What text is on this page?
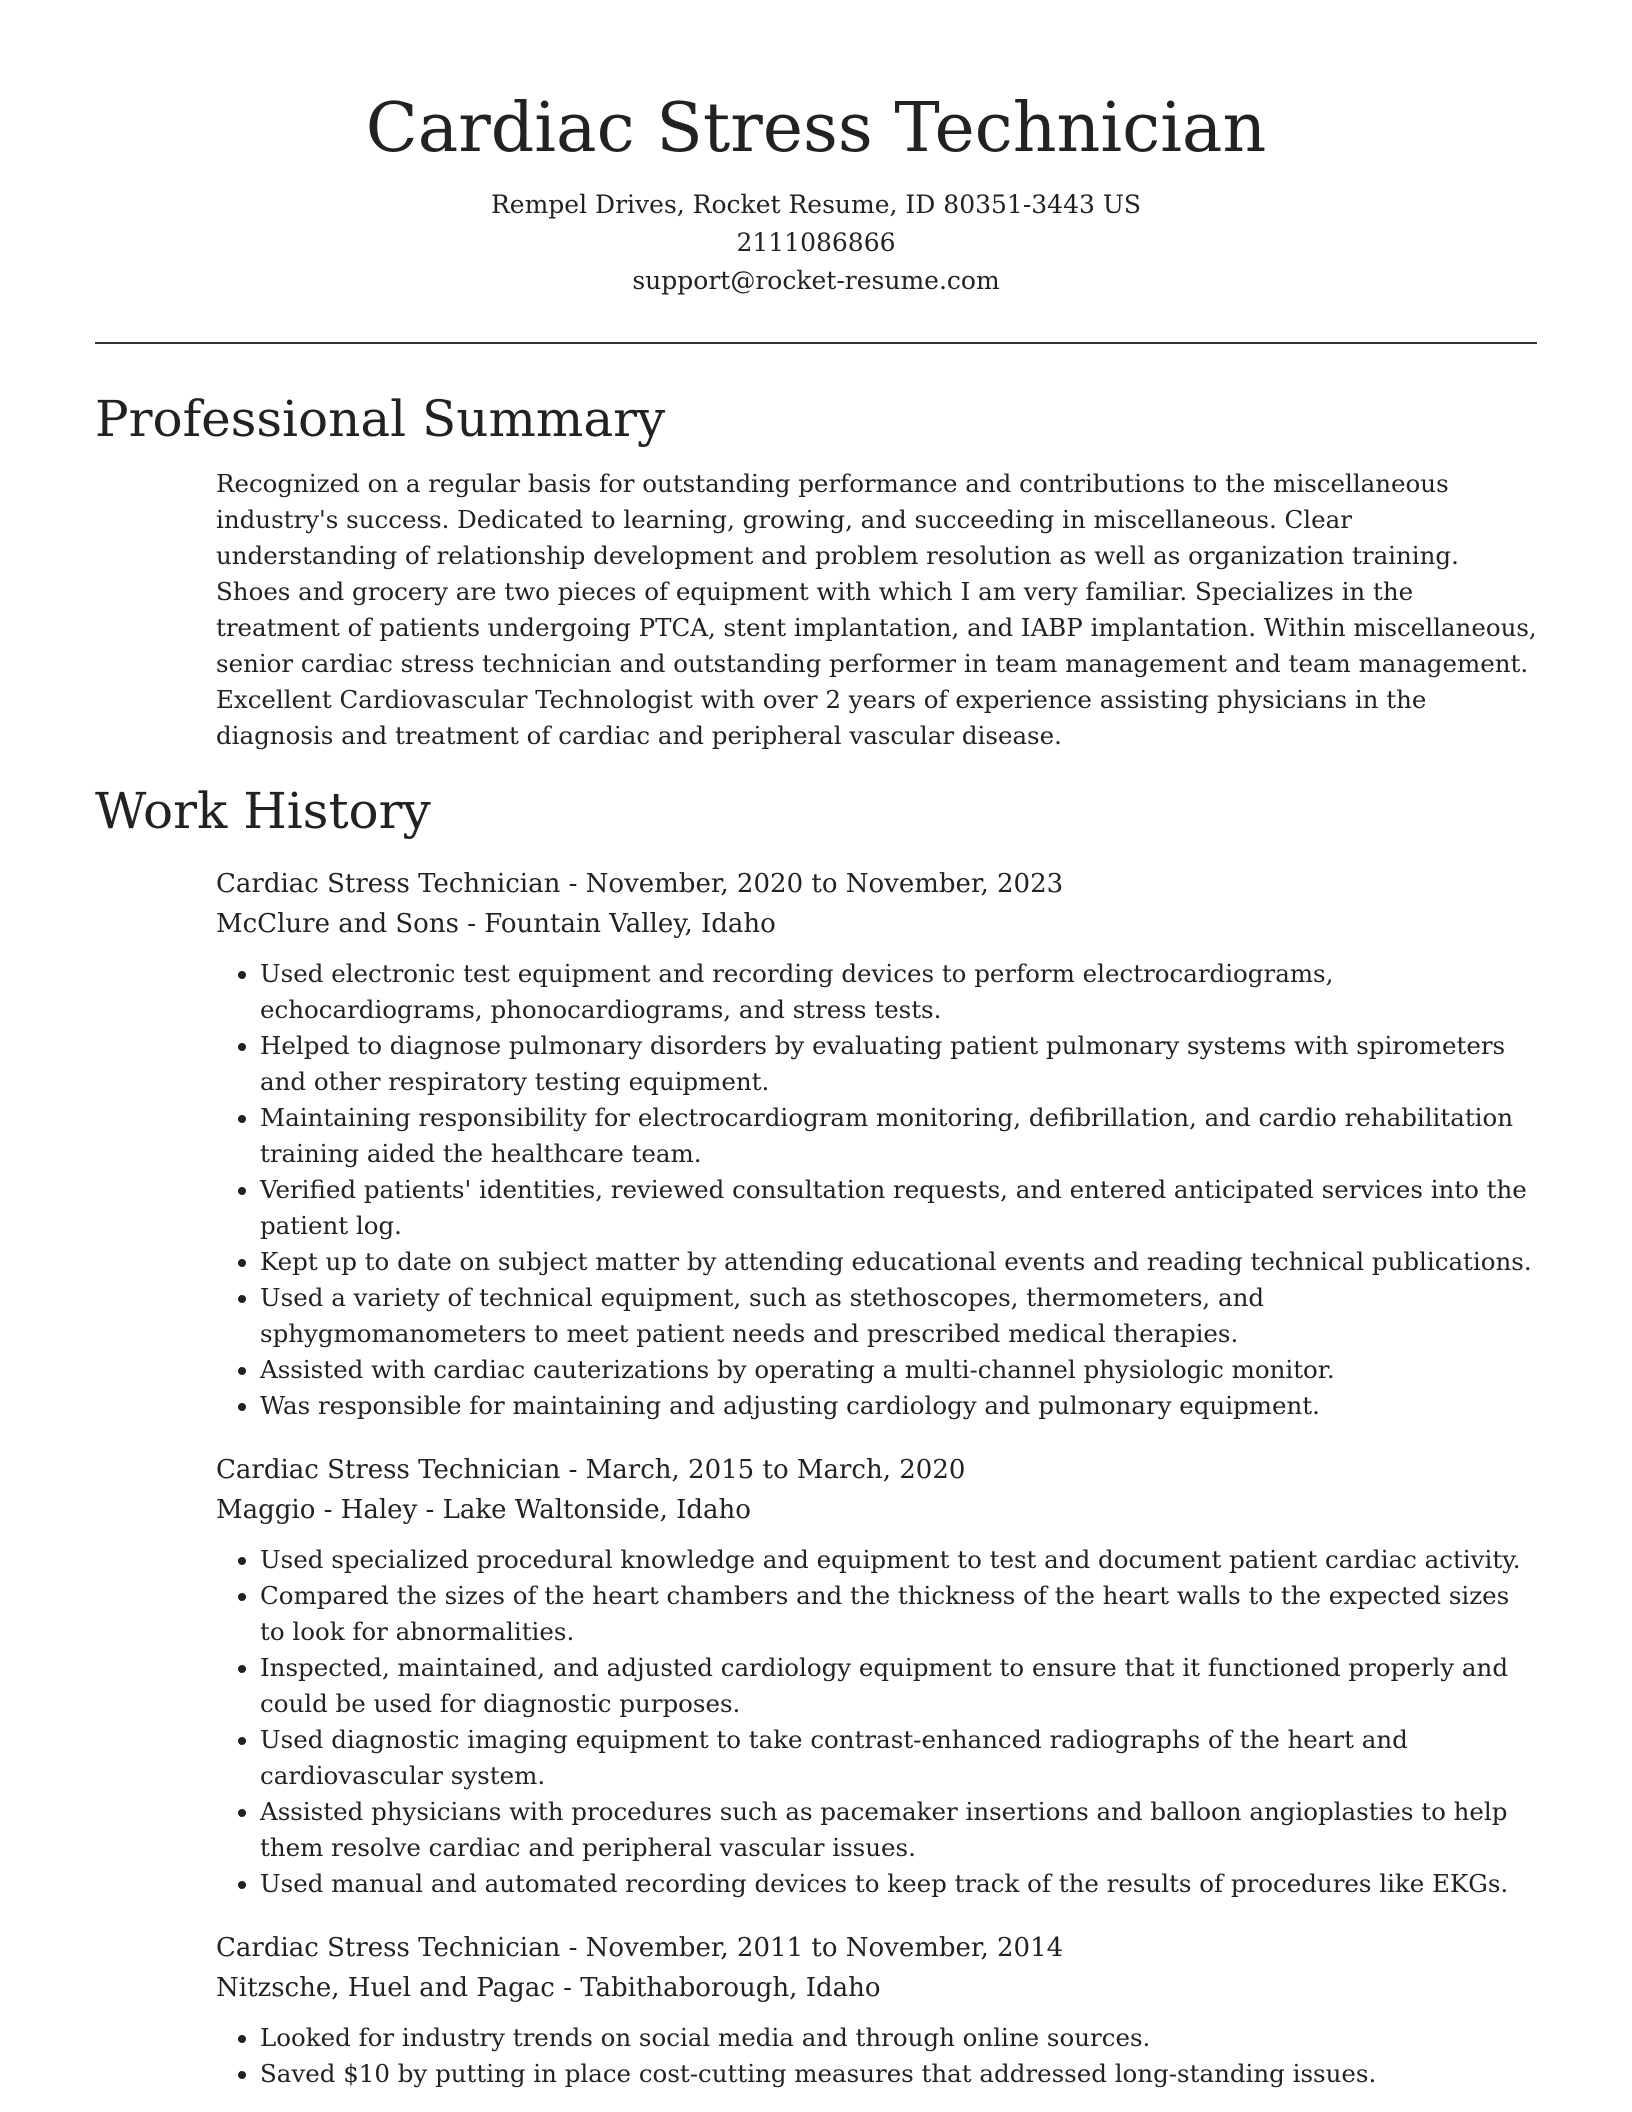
Cardiac Stress Technician
Rempel Drives, Rocket Resume, ID 80351-3443 US
2111086866
support@rocket-resume.com
Professional Summary
Recognized on a regular basis for outstanding performance and contributions to the miscellaneous industry's success. Dedicated to learning, growing, and succeeding in miscellaneous. Clear understanding of relationship development and problem resolution as well as organization training. Shoes and grocery are two pieces of equipment with which I am very familiar. Specializes in the treatment of patients undergoing PTCA, stent implantation, and IABP implantation. Within miscellaneous, senior cardiac stress technician and outstanding performer in team management and team management. Excellent Cardiovascular Technologist with over 2 years of experience assisting physicians in the diagnosis and treatment of cardiac and peripheral vascular disease.
Work History
Cardiac Stress Technician - November, 2020 to November, 2023
McClure and Sons - Fountain Valley, Idaho
• Used electronic test equipment and recording devices to perform electrocardiograms, echocardiograms, phonocardiograms, and stress tests.
• Helped to diagnose pulmonary disorders by evaluating patient pulmonary systems with spirometers and other respiratory testing equipment.
• Maintaining responsibility for electrocardiogram monitoring, defibrillation, and cardio rehabilitation training aided the healthcare team.
• Verified patients' identities, reviewed consultation requests, and entered anticipated services into the patient log.
• Kept up to date on subject matter by attending educational events and reading technical publications.
• Used a variety of technical equipment, such as stethoscopes, thermometers, and sphygmomanometers to meet patient needs and prescribed medical therapies.
• Assisted with cardiac cauterizations by operating a multi-channel physiologic monitor.
• Was responsible for maintaining and adjusting cardiology and pulmonary equipment.
Cardiac Stress Technician - March, 2015 to March, 2020
Maggio - Haley - Lake Waltonside, Idaho
• Used specialized procedural knowledge and equipment to test and document patient cardiac activity.
• Compared the sizes of the heart chambers and the thickness of the heart walls to the expected sizes to look for abnormalities.
• Inspected, maintained, and adjusted cardiology equipment to ensure that it functioned properly and could be used for diagnostic purposes.
• Used diagnostic imaging equipment to take contrast-enhanced radiographs of the heart and cardiovascular system.
• Assisted physicians with procedures such as pacemaker insertions and balloon angioplasties to help them resolve cardiac and peripheral vascular issues.
• Used manual and automated recording devices to keep track of the results of procedures like EKGs.
Cardiac Stress Technician - November, 2011 to November, 2014
Nitzsche, Huel and Pagac - Tabithaborough, Idaho
• Looked for industry trends on social media and through online sources.
• Saved $10 by putting in place cost-cutting measures that addressed long-standing issues.
